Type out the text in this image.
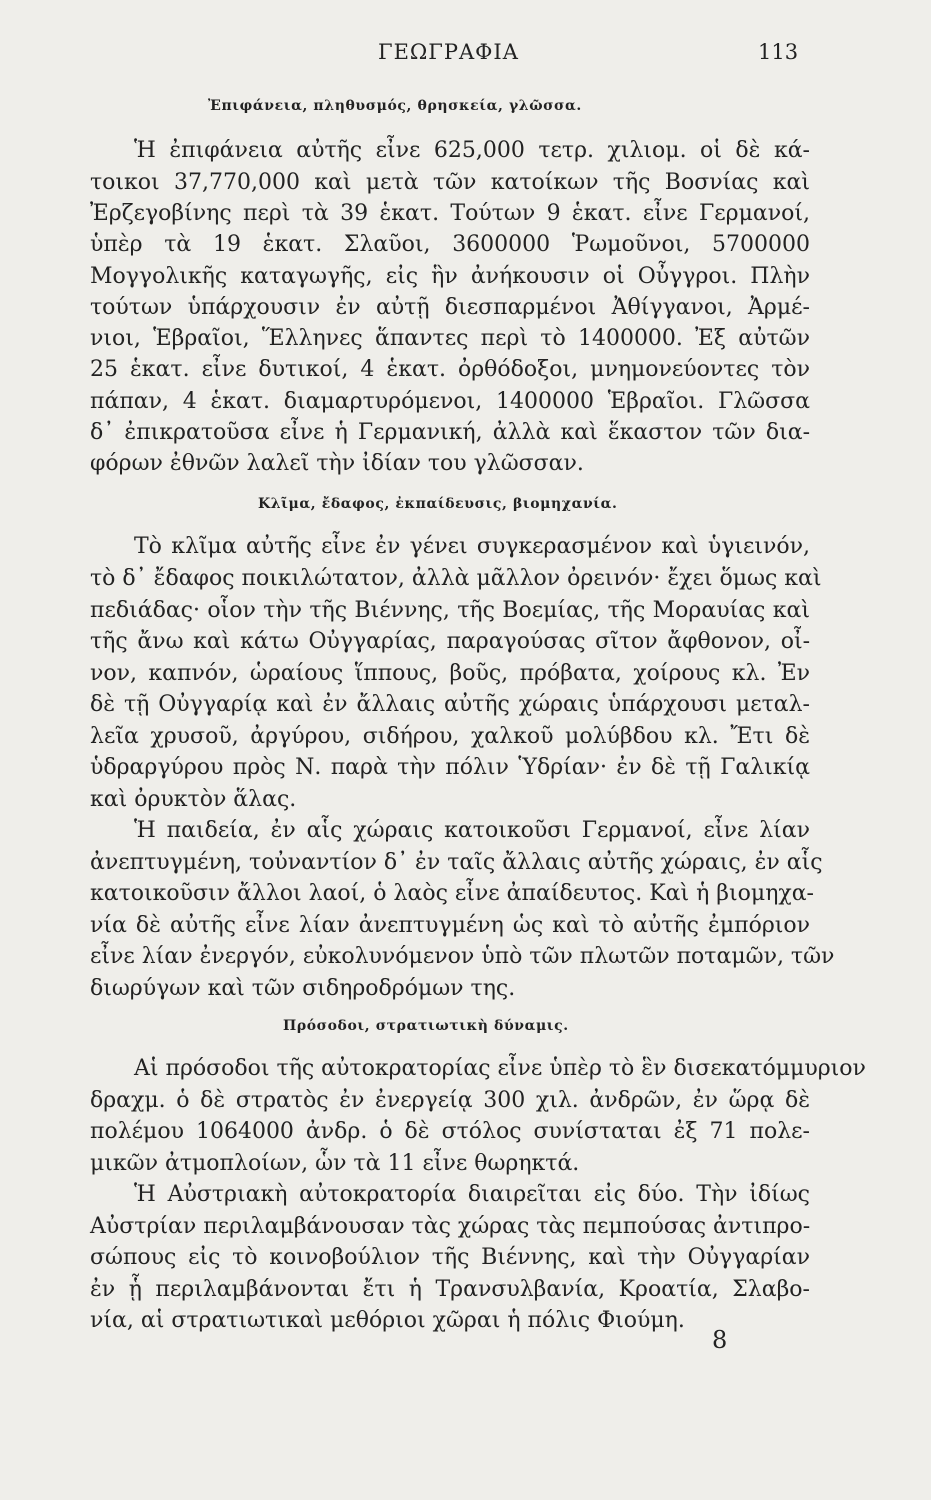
ΓΕΩΓΡΑΦΙΑ	113
Ἐπιφάνεια, πληθυσμός, θρησκεία, γλῶσσα.
Ἡ ἐπιφάνεια αὐτῆς εἶνε 625,000 τετρ. χιλιομ. οἱ δὲ κά-
τοικοι 37,770,000 καὶ μετὰ τῶν κατοίκων τῆς Βοσνίας καὶ
Ἐρζεγοβίνης περὶ τὰ 39 ἑκατ. Τούτων 9 ἑκατ. εἶνε Γερμανοί,
ὑπὲρ τὰ 19 ἑκατ. Σλαῦοι, 3600000 Ῥωμοῦνοι, 5700000
Μογγολικῆς καταγωγῆς, εἰς ἣν ἀνήκουσιν οἱ Οὖγγροι. Πλὴν
τούτων ὑπάρχουσιν ἐν αὐτῇ διεσπαρμένοι Ἀθίγγανοι, Ἀρμέ-
νιοι, Ἑβραῖοι, Ἕλληνες ἅπαντες περὶ τὸ 1400000. Ἐξ αὐτῶν
25 ἑκατ. εἶνε δυτικοί, 4 ἑκατ. ὀρθόδοξοι, μνημονεύοντες τὸν
πάπαν, 4 ἑκατ. διαμαρτυρόμενοι, 1400000 Ἑβραῖοι. Γλῶσσα
δ᾽ ἐπικρατοῦσα εἶνε ἡ Γερμανική, ἀλλὰ καὶ ἕκαστον τῶν δια-
φόρων ἐθνῶν λαλεῖ τὴν ἰδίαν του γλῶσσαν.
Κλῖμα, ἔδαφος, ἐκπαίδευσις, βιομηχανία.
Τὸ κλῖμα αὐτῆς εἶνε ἐν γένει συγκερασμένον καὶ ὑγιεινόν,
τὸ δ᾽ ἔδαφος ποικιλώτατον, ἀλλὰ μᾶλλον ὀρεινόν· ἔχει ὅμως καὶ
πεδιάδας· οἷον τὴν τῆς Βιέννης, τῆς Βοεμίας, τῆς Μοραυίας καὶ
τῆς ἄνω καὶ κάτω Οὐγγαρίας, παραγούσας σῖτον ἄφθονον, οἶ-
νον, καπνόν, ὡραίους ἵππους, βοῦς, πρόβατα, χοίρους κλ. Ἐν
δὲ τῇ Οὐγγαρίᾳ καὶ ἐν ἄλλαις αὐτῆς χώραις ὑπάρχουσι μεταλ-
λεῖα χρυσοῦ, ἀργύρου, σιδήρου, χαλκοῦ μολύβδου κλ. Ἔτι δὲ
ὑδραργύρου πρὸς Ν. παρὰ τὴν πόλιν Ὑδρίαν· ἐν δὲ τῇ Γαλικίᾳ
καὶ ὀρυκτὸν ἅλας.
Ἡ παιδεία, ἐν αἷς χώραις κατοικοῦσι Γερμανοί, εἶνε λίαν
ἀνεπτυγμένη, τοὐναντίον δ᾽ ἐν ταῖς ἄλλαις αὐτῆς χώραις, ἐν αἷς
κατοικοῦσιν ἄλλοι λαοί, ὁ λαὸς εἶνε ἀπαίδευτος. Καὶ ἡ βιομηχα-
νία δὲ αὐτῆς εἶνε λίαν ἀνεπτυγμένη ὡς καὶ τὸ αὐτῆς ἐμπόριον
εἶνε λίαν ἐνεργόν, εὐκολυνόμενον ὑπὸ τῶν πλωτῶν ποταμῶν, τῶν
διωρύγων καὶ τῶν σιδηροδρόμων της.
Πρόσοδοι, στρατιωτικὴ δύναμις.
Αἱ πρόσοδοι τῆς αὐτοκρατορίας εἶνε ὑπὲρ τὸ ἓν δισεκατόμμυριον
δραχμ. ὁ δὲ στρατὸς ἐν ἐνεργείᾳ 300 χιλ. ἀνδρῶν, ἐν ὥρᾳ δὲ
πολέμου 1064000 ἀνδρ. ὁ δὲ στόλος συνίσταται ἐξ 71 πολε-
μικῶν ἀτμοπλοίων, ὧν τὰ 11 εἶνε θωρηκτά.
Ἡ Αὐστριακὴ αὐτοκρατορία διαιρεῖται εἰς δύο. Τὴν ἰδίως
Αὐστρίαν περιλαμβάνουσαν τὰς χώρας τὰς πεμπούσας ἀντιπρο-
σώπους εἰς τὸ κοινοβούλιον τῆς Βιέννης, καὶ τὴν Οὐγγαρίαν
ἐν ᾗ περιλαμβάνονται ἔτι ἡ Τρανσυλβανία, Κροατία, Σλαβο-
νία, αἱ στρατιωτικαὶ μεθόριοι χῶραι ἡ πόλις Φιούμη.
8
